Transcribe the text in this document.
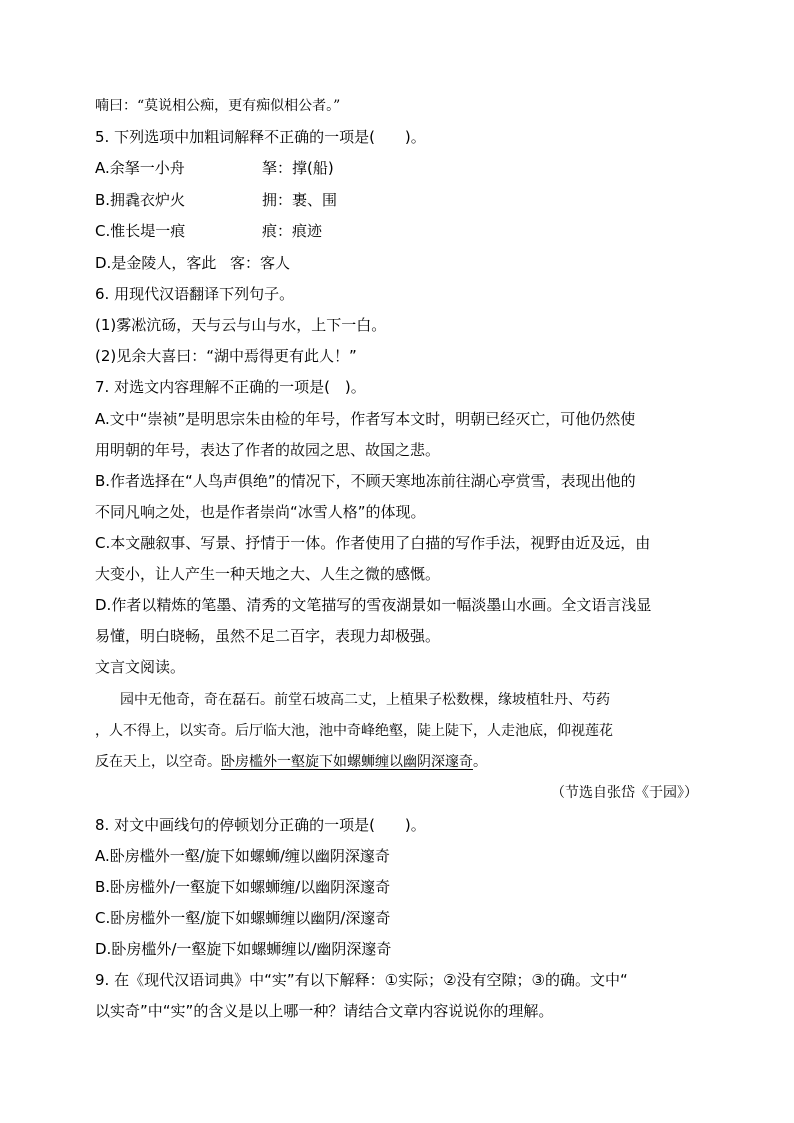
喃曰：“莫说相公痴，更有痴似相公者。”
5. 下列选项中加粗词解释不正确的一项是(　　)。
A.余拏一小舟	拏：撑(船)
B.拥毳衣炉火	拥：裹、围
C.惟长堤一痕	痕：痕迹
D.是金陵人，客此 客：客人
6. 用现代汉语翻译下列句子。
(1)雾凇沆砀，天与云与山与水，上下一白。
(2)见余大喜曰：“湖中焉得更有此人！”
7. 对选文内容理解不正确的一项是(　)。
A.文中“崇祯”是明思宗朱由检的年号，作者写本文时，明朝已经灭亡，可他仍然使
用明朝的年号，表达了作者的故园之思、故国之悲。
B.作者选择在“人鸟声俱绝”的情况下，不顾天寒地冻前往湖心亭赏雪，表现出他的
不同凡响之处，也是作者崇尚“冰雪人格”的体现。
C.本文融叙事、写景、抒情于一体。作者使用了白描的写作手法，视野由近及远，由
大变小，让人产生一种天地之大、人生之微的感慨。
D.作者以精炼的笔墨、清秀的文笔描写的雪夜湖景如一幅淡墨山水画。全文语言浅显
易懂，明白晓畅，虽然不足二百字，表现力却极强。
文言文阅读。
园中无他奇，奇在磊石。前堂石坡高二丈，上植果子松数棵，缘坡植牡丹、芍药
，人不得上，以实奇。后厅临大池，池中奇峰绝壑，陡上陡下，人走池底，仰视莲花
反在天上，以空奇。卧房槛外一壑旋下如螺蛳缠以幽阴深邃奇。
（节选自张岱《于园》）
8. 对文中画线句的停顿划分正确的一项是(　　)。
A.卧房槛外一壑/旋下如螺蛳/缠以幽阴深邃奇
B.卧房槛外/一壑旋下如螺蛳缠/以幽阴深邃奇
C.卧房槛外一壑/旋下如螺蛳缠以幽阴/深邃奇
D.卧房槛外/一壑旋下如螺蛳缠以/幽阴深邃奇
9. 在《现代汉语词典》中“实”有以下解释：①实际；②没有空隙；③的确。文中“
以实奇”中“实”的含义是以上哪一种？请结合文章内容说说你的理解。
